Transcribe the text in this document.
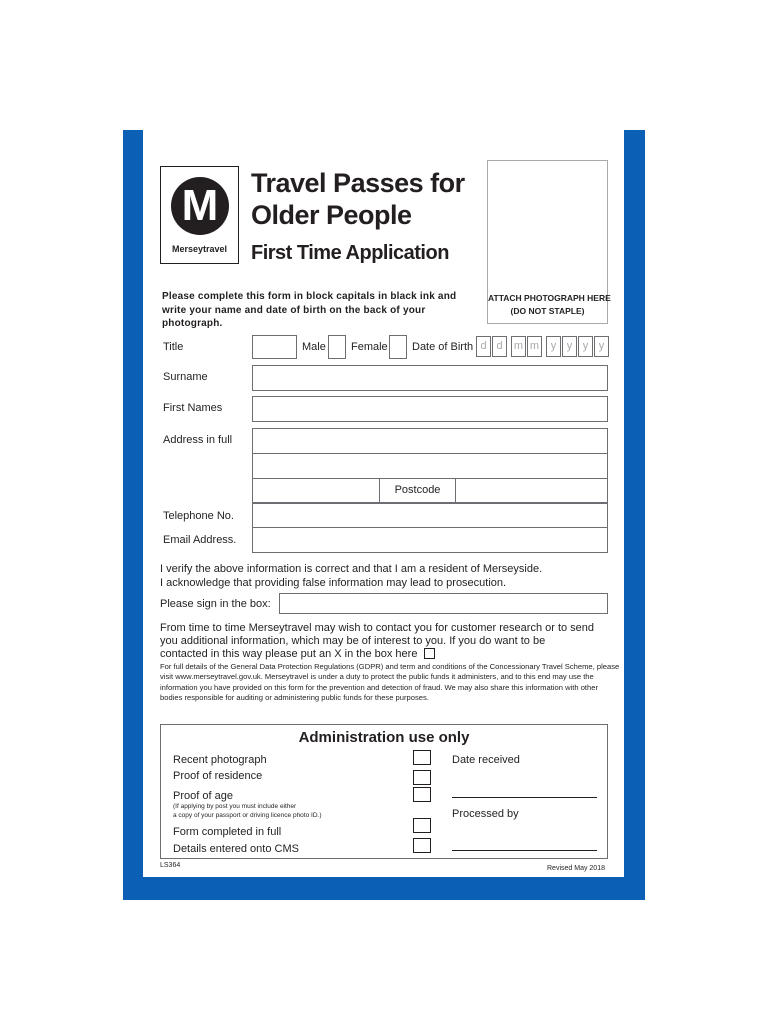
M
Merseytravel
Travel Passes for
Older People
First Time Application
ATTACH PHOTOGRAPH HERE
(DO NOT STAPLE)
Please complete this form in block capitals in black ink and write your name and date of birth on the back of your photograph.
Title	Male Female Date of Birth d d	m m	y y y y
Surname
First Names
Address in full
Postcode
Telephone No.
Email Address.
I verify the above information is correct and that I am a resident of Merseyside.
I acknowledge that providing false information may lead to prosecution.
Please sign in the box:
From time to time Merseytravel may wish to contact you for customer research or to send
you additional information, which may be of interest to you. If you do want to be
contacted in this way please put an X in the box here
For full details of the General Data Protection Regulations (GDPR) and term and conditions of the Concessionary Travel Scheme, please visit www.merseytravel.gov.uk. Merseytravel is under a duty to protect the public funds it administers, and to this end may use the information you have provided on this form for the prevention and detection of fraud. We may also share this information with other bodies responsible for auditing or administering public funds for these purposes.
Administration use only
Recent photograph
Proof of residence
Proof of age
(If applying by post you must include either
a copy of your passport or driving licence photo ID.)
Form completed in full
Details entered onto CMS
Date received
Processed by
LS364	Revised May 2018
